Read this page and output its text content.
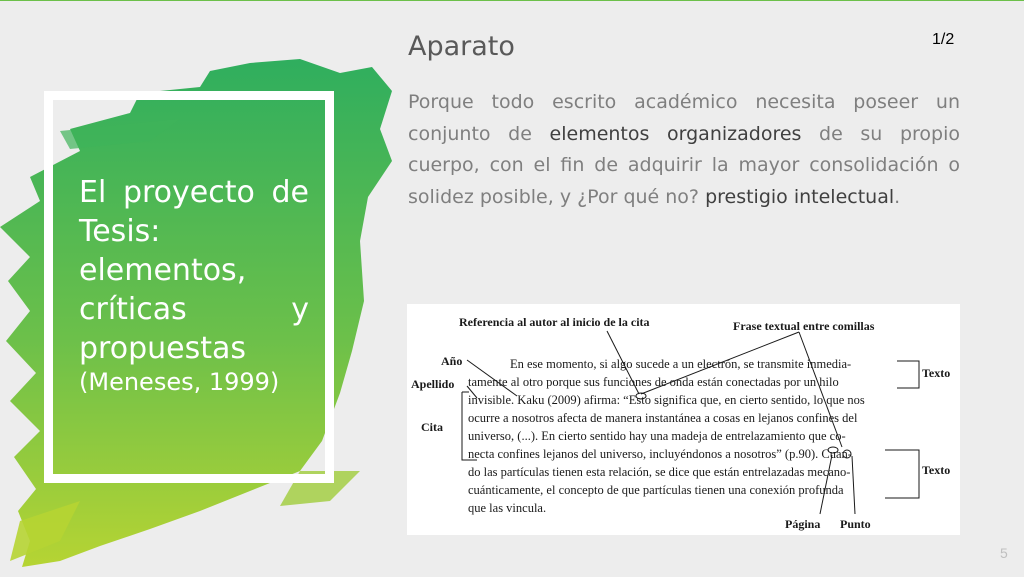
El proyecto de Tesis: elementos, críticas y propuestas
(Meneses, 1999)
Aparato	1/2
Porque todo escrito académico necesita poseer un conjunto de elementos organizadores de su propio cuerpo, con el fin de adquirir la mayor consolidación o solidez posible, y ¿Por qué no? prestigio intelectual.
Referencia al autor al inicio de la cita	Frase textual entre comillas
Año
Apellido
Cita
Texto
Texto
Página Punto
En ese momento, si algo sucede a un electrón, se transmite inmedia-
tamente al otro porque sus funciones de onda están conectadas por un hilo
invisible. Kaku (2009) afirma: “Esto significa que, en cierto sentido, lo que nos
ocurre a nosotros afecta de manera instantánea a cosas en lejanos confines del
universo, (...). En cierto sentido hay una madeja de entrelazamiento que co-
necta confines lejanos del universo, incluyéndonos a nosotros” (p.90). Cuan-
do las partículas tienen esta relación, se dice que están entrelazadas mecano-
cuánticamente, el concepto de que partículas tienen una conexión profunda
que las vincula.
5
